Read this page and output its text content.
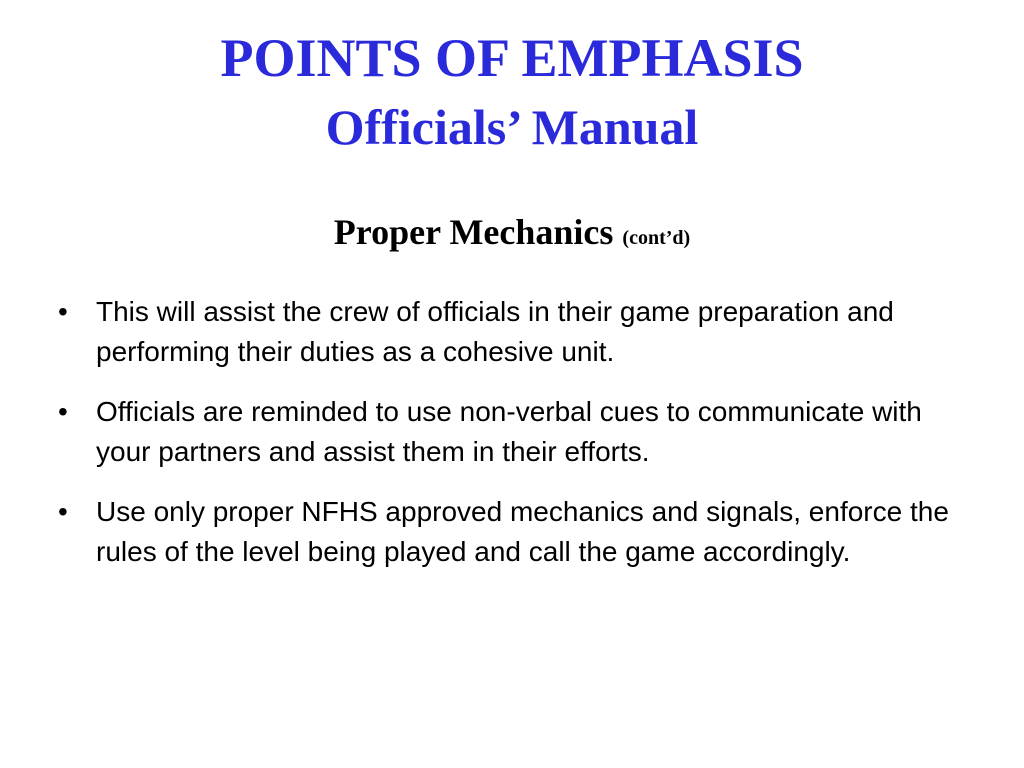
POINTS OF EMPHASIS

Officials’ Manual

Proper Mechanics (cont’d)
• This will assist the crew of officials in their game preparation and performing their duties as a cohesive unit.
• Officials are reminded to use non-verbal cues to communicate with your partners and assist them in their efforts.
• Use only proper NFHS approved mechanics and signals, enforce the rules of the level being played and call the game accordingly.
